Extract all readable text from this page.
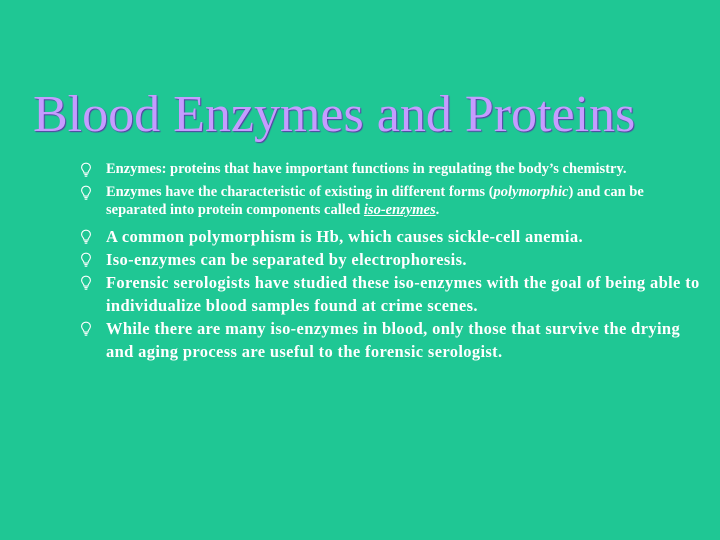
Blood Enzymes and Proteins
Enzymes: proteins that have important functions in regulating the body’s chemistry.
Enzymes have the characteristic of existing in different forms (polymorphic) and can be separated into protein components called iso-enzymes.
A common polymorphism is Hb, which causes sickle-cell anemia.
Iso-enzymes can be separated by electrophoresis.
Forensic serologists have studied these iso-enzymes with the goal of being able to individualize blood samples found at crime scenes.
While there are many iso-enzymes in blood, only those that survive the drying and aging process are useful to the forensic serologist.
